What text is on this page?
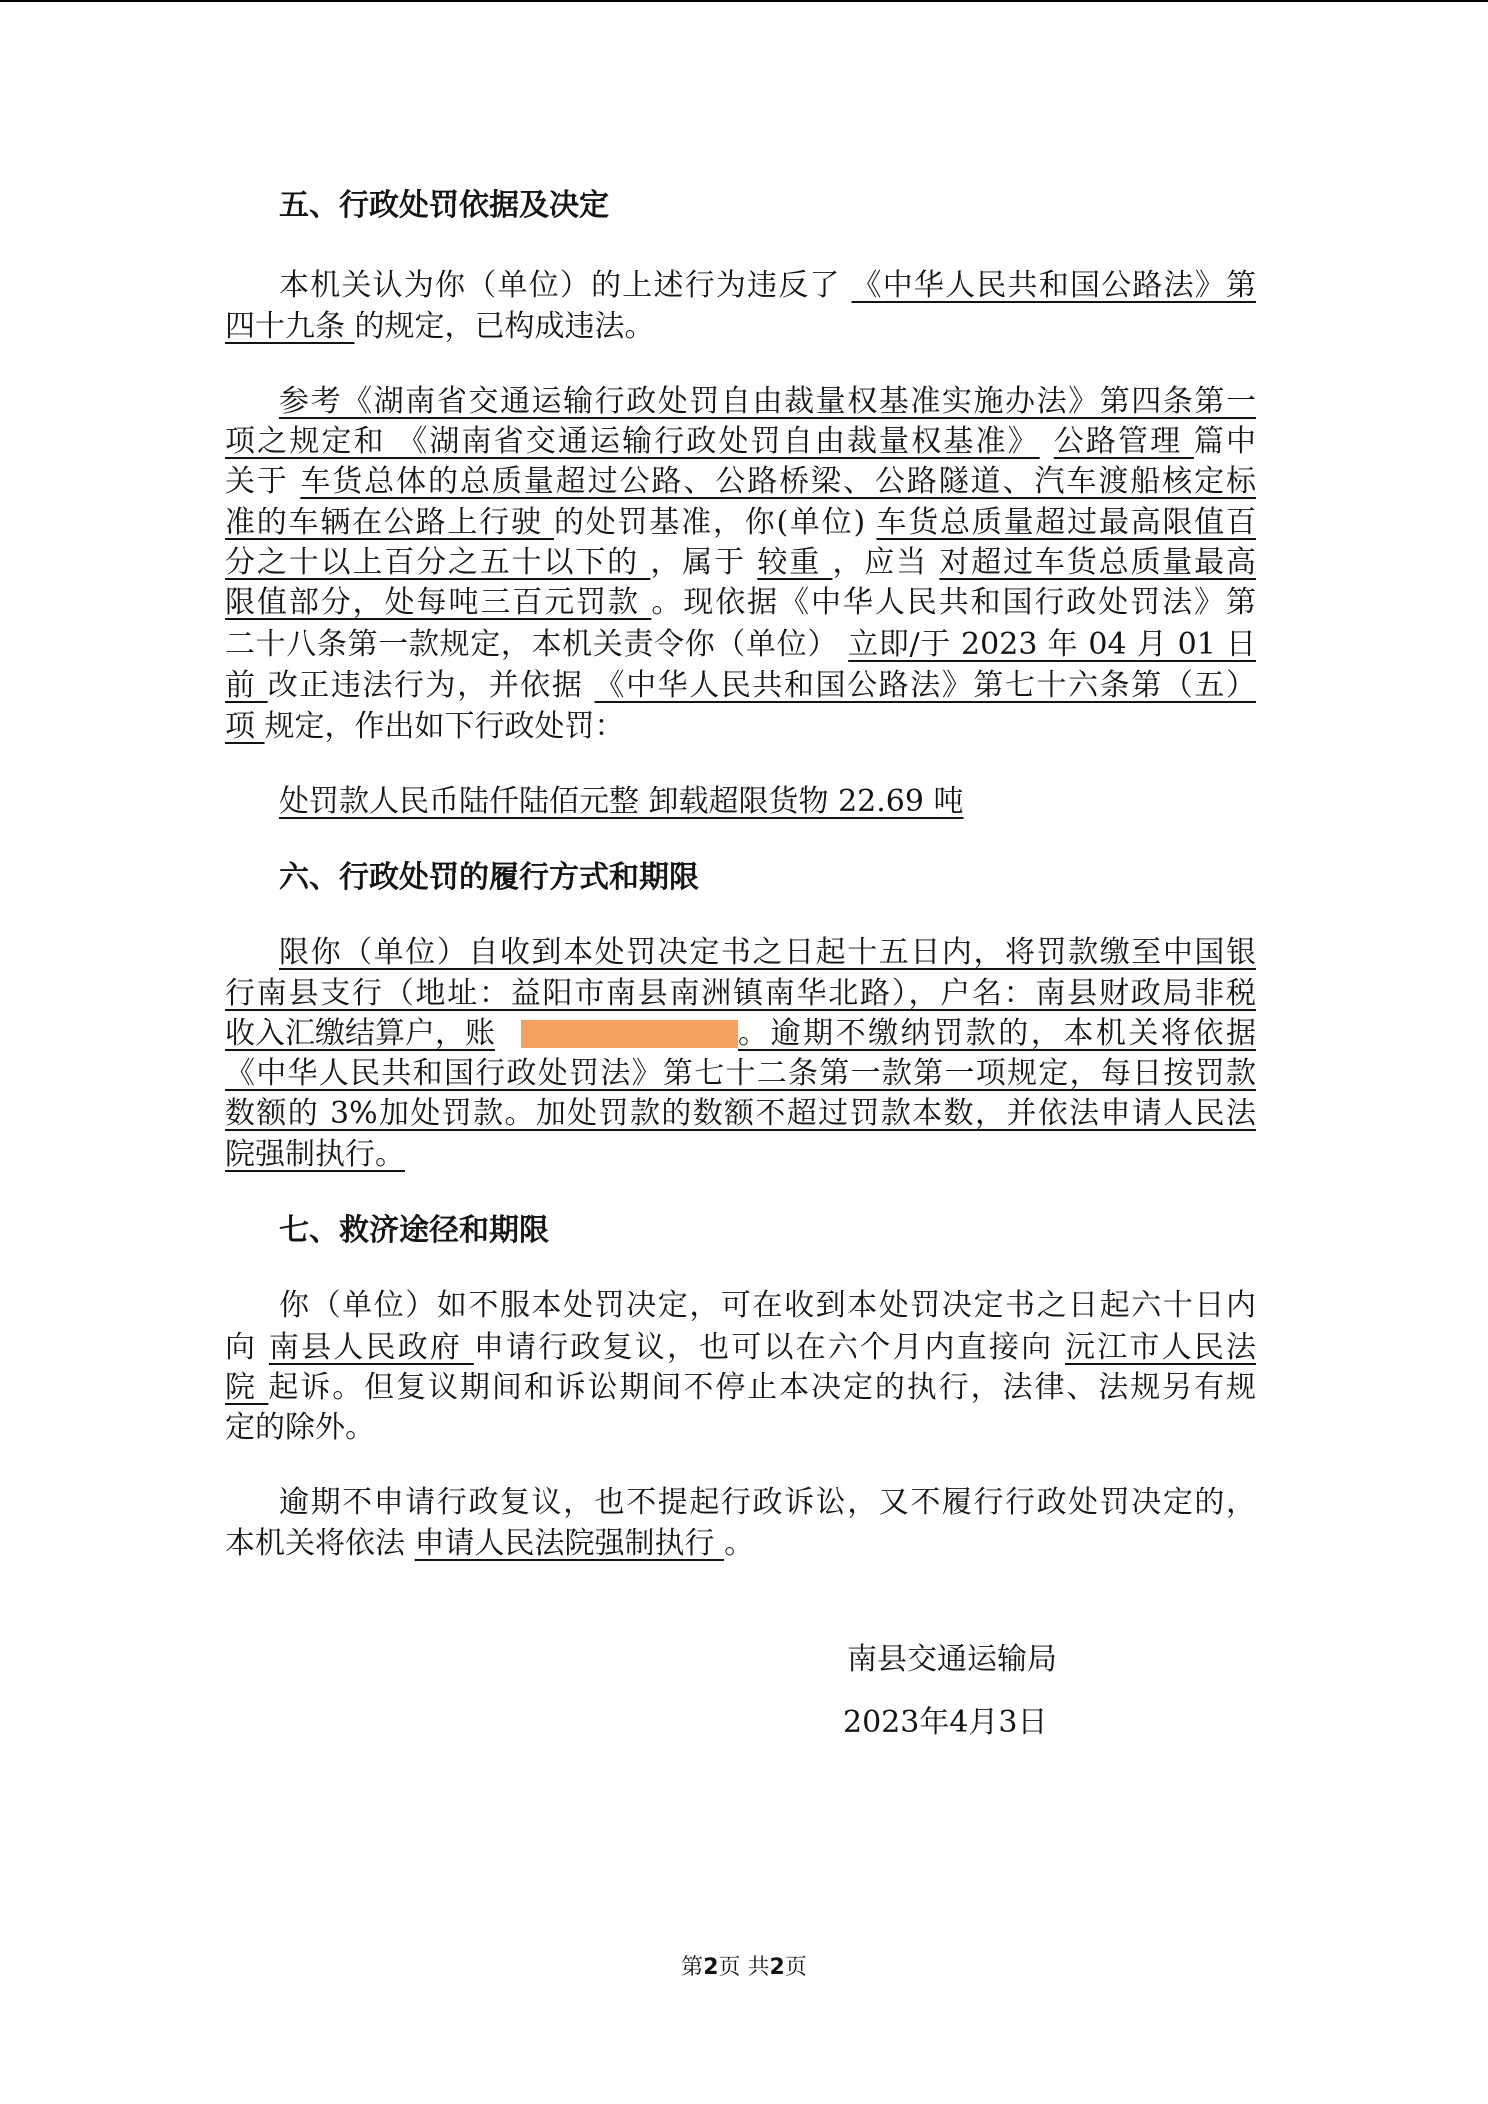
五、行政处罚依据及决定
本机关认为你（单位）的上述行为违反了 《中华人民共和国公路法》第
四十九条 的规定，已构成违法。
参考《湖南省交通运输行政处罚自由裁量权基准实施办法》第四条第一
项之规定和 《湖南省交通运输行政处罚自由裁量权基准》 公路管理 篇中
关于 车货总体的总质量超过公路、公路桥梁、公路隧道、汽车渡船核定标
准的车辆在公路上行驶 的处罚基准，你(单位) 车货总质量超过最高限值百
分之十以上百分之五十以下的 ，属于 较重 ，应当 对超过车货总质量最高
限值部分，处每吨三百元罚款 。现依据《中华人民共和国行政处罚法》第
二十八条第一款规定，本机关责令你（单位） 立即/于 2023 年 04 月 01 日
前 改正违法行为，并依据 《中华人民共和国公路法》第七十六条第（五）
项 规定，作出如下行政处罚：
处罚款人民币陆仟陆佰元整 卸载超限货物 22.69 吨
六、行政处罚的履行方式和期限
限你（单位）自收到本处罚决定书之日起十五日内，将罚款缴至中国银
行南县支行（地址：益阳市南县南洲镇南华北路），户名：南县财政局非税
收入汇缴结算户，账	。逾期不缴纳罚款的，本机关将依据
《中华人民共和国行政处罚法》第七十二条第一款第一项规定，每日按罚款
数额的 3%加处罚款。加处罚款的数额不超过罚款本数，并依法申请人民法
院强制执行。
七、救济途径和期限
你（单位）如不服本处罚决定，可在收到本处罚决定书之日起六十日内
向 南县人民政府 申请行政复议，也可以在六个月内直接向 沅江市人民法
院 起诉。但复议期间和诉讼期间不停止本决定的执行，法律、法规另有规
定的除外。
逾期不申请行政复议，也不提起行政诉讼，又不履行行政处罚决定的，
本机关将依法 申请人民法院强制执行 。
南县交通运输局
2023年4月3日
第2页 共2页
